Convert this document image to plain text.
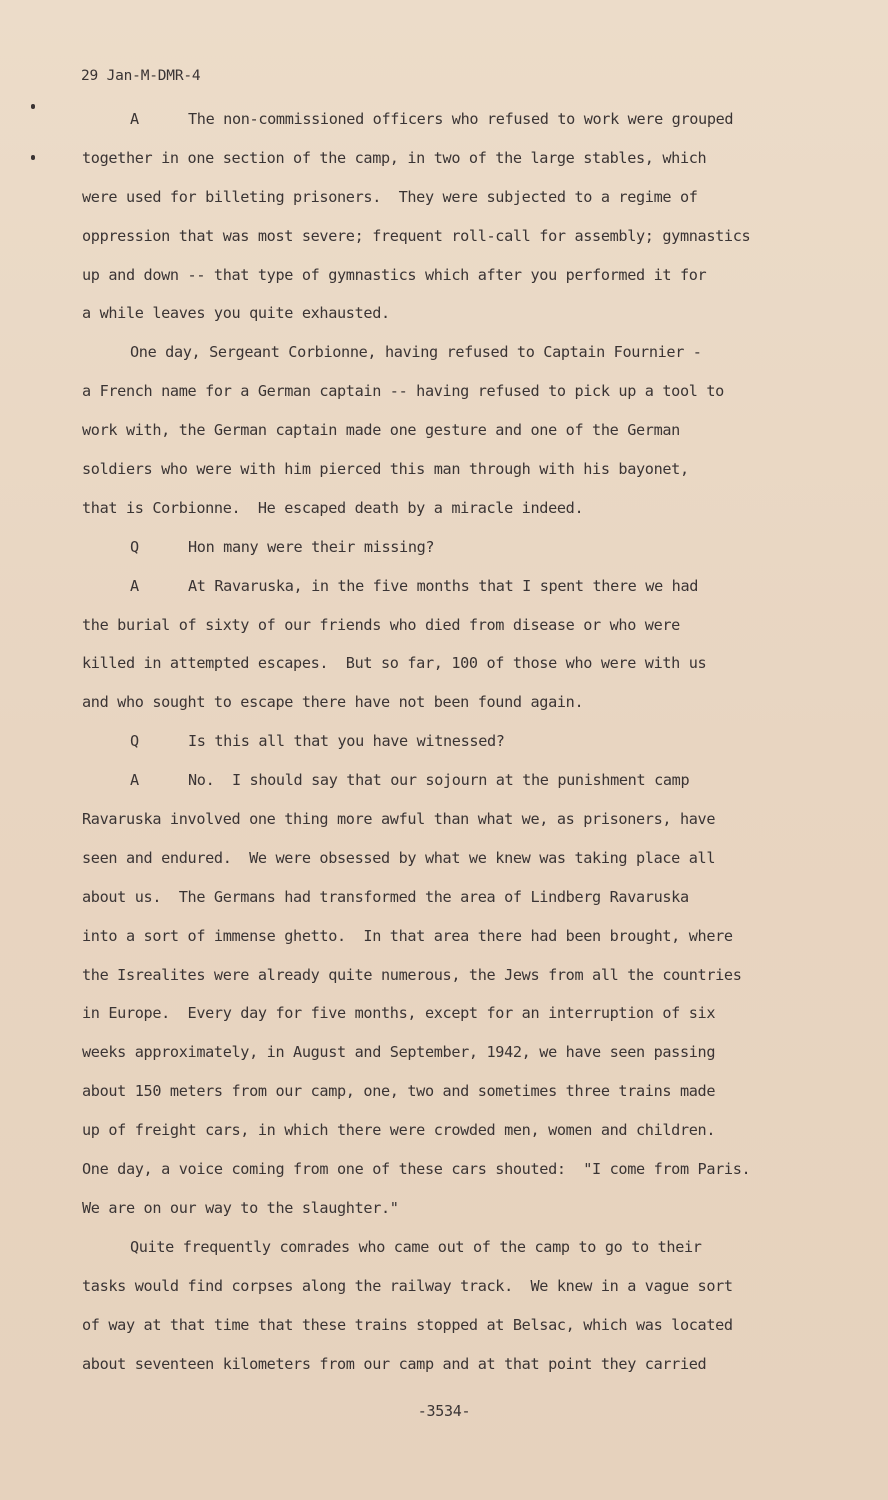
29 Jan-M-DMR-4
A	The non-commissioned officers who refused to work were grouped
together in one section of the camp, in two of the large stables, which
were used for billeting prisoners.  They were subjected to a regime of
oppression that was most severe; frequent roll-call for assembly; gymnastics
up and down -- that type of gymnastics which after you performed it for
a while leaves you quite exhausted.
One day, Sergeant Corbionne, having refused to Captain Fournier -
a French name for a German captain -- having refused to pick up a tool to
work with, the German captain made one gesture and one of the German
soldiers who were with him pierced this man through with his bayonet,
that is Corbionne.  He escaped death by a miracle indeed.
Q	Hon many were their missing?
A	At Ravaruska, in the five months that I spent there we had
the burial of sixty of our friends who died from disease or who were
killed in attempted escapes.  But so far, 100 of those who were with us
and who sought to escape there have not been found again.
Q	Is this all that you have witnessed?
A	No.  I should say that our sojourn at the punishment camp
Ravaruska involved one thing more awful than what we, as prisoners, have
seen and endured.  We were obsessed by what we knew was taking place all
about us.  The Germans had transformed the area of Lindberg Ravaruska
into a sort of immense ghetto.  In that area there had been brought, where
the Isrealites were already quite numerous, the Jews from all the countries
in Europe.  Every day for five months, except for an interruption of six
weeks approximately, in August and September, 1942, we have seen passing
about 150 meters from our camp, one, two and sometimes three trains made
up of freight cars, in which there were crowded men, women and children.
One day, a voice coming from one of these cars shouted:  "I come from Paris.
We are on our way to the slaughter."
Quite frequently comrades who came out of the camp to go to their
tasks would find corpses along the railway track.  We knew in a vague sort
of way at that time that these trains stopped at Belsac, which was located
about seventeen kilometers from our camp and at that point they carried
-3534-
